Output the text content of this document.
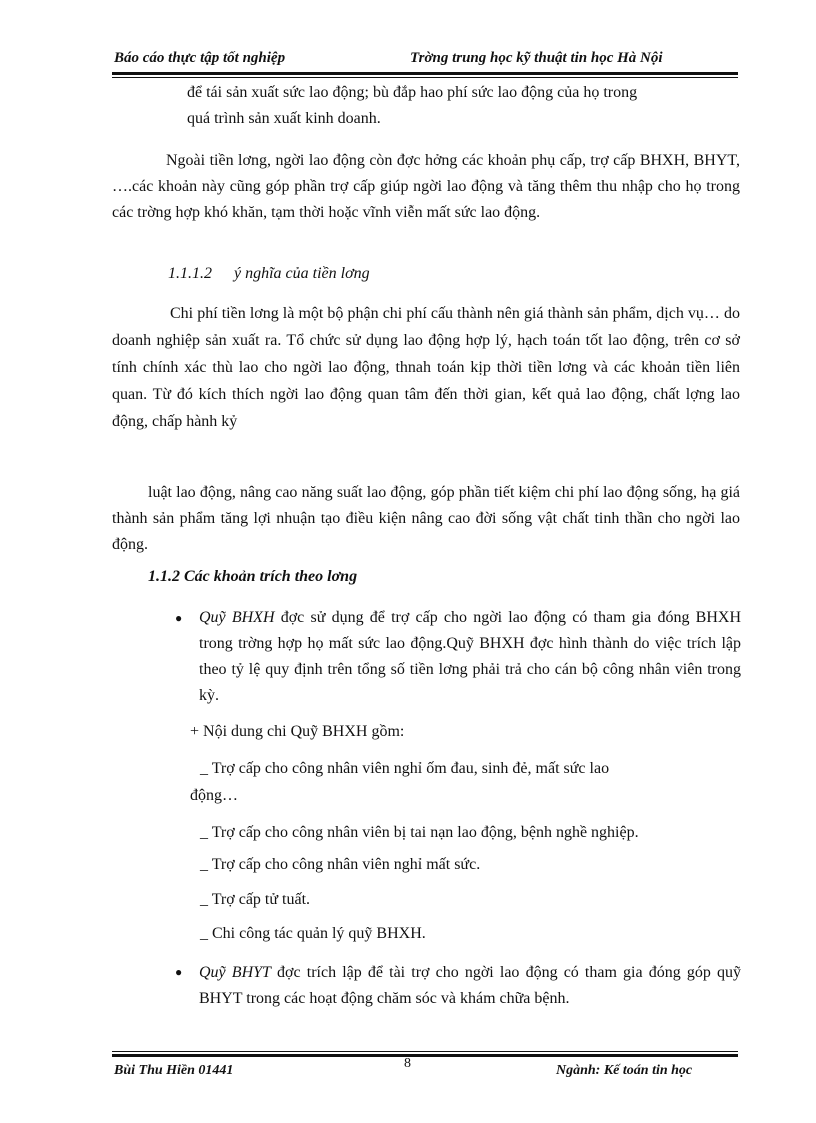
Báo cáo thực tập tốt nghiệp	Trờng trung học kỹ thuật tin học Hà Nội

để tái sản xuất sức lao động; bù đắp hao phí sức lao động của họ trong

quá trình sản xuất kinh doanh.

Ngoài tiền lơng, ngời lao động còn đợc hởng các khoản phụ cấp, trợ cấp BHXH, BHYT, ….các khoản này cũng góp phần trợ cấp giúp ngời lao động và tăng thêm thu nhập cho họ trong các trờng hợp khó khăn, tạm thời hoặc vĩnh viễn mất sức lao động.

1.1.1.2 ý nghĩa của tiền lơng

Chi phí tiền lơng là một bộ phận chi phí cấu thành nên giá thành sản phẩm, dịch vụ… do doanh nghiệp sản xuất ra. Tổ chức sử dụng lao động hợp lý, hạch toán tốt lao động, trên cơ sở tính chính xác thù lao cho ngời lao động, thnah toán kịp thời tiền lơng và các khoản tiền liên quan. Từ đó kích thích ngời lao động quan tâm đến thời gian, kết quả lao động, chất lợng lao động, chấp hành kỷ

luật lao động, nâng cao năng suất lao động, góp phần tiết kiệm chi phí lao động sống, hạ giá thành sản phẩm tăng lợi nhuận tạo điều kiện nâng cao đời sống vật chất tinh thần cho ngời lao động.

1.1.2 Các khoản trích theo lơng
● Quỹ BHXH đợc sử dụng để trợ cấp cho ngời lao động có tham gia đóng BHXH trong trờng hợp họ mất sức lao động.Quỹ BHXH đợc hình thành do việc trích lập theo tỷ lệ quy định trên tổng số tiền lơng phải trả cho cán bộ công nhân viên trong kỳ.

+ Nội dung chi Quỹ BHXH gồm:

_ Trợ cấp cho công nhân viên nghỉ ốm đau, sinh đẻ, mất sức lao

động…

_ Trợ cấp cho công nhân viên bị tai nạn lao động, bệnh nghề nghiệp.

_ Trợ cấp cho công nhân viên nghỉ mất sức.

_ Trợ cấp tử tuất.

_ Chi công tác quản lý quỹ BHXH.

● Quỹ BHYT đợc trích lập để tài trợ cho ngời lao động có tham gia đóng góp quỹ BHYT trong các hoạt động chăm sóc và khám chữa bệnh.

Bùi Thu Hiền 01441	8	Ngành: Kế toán tin học
